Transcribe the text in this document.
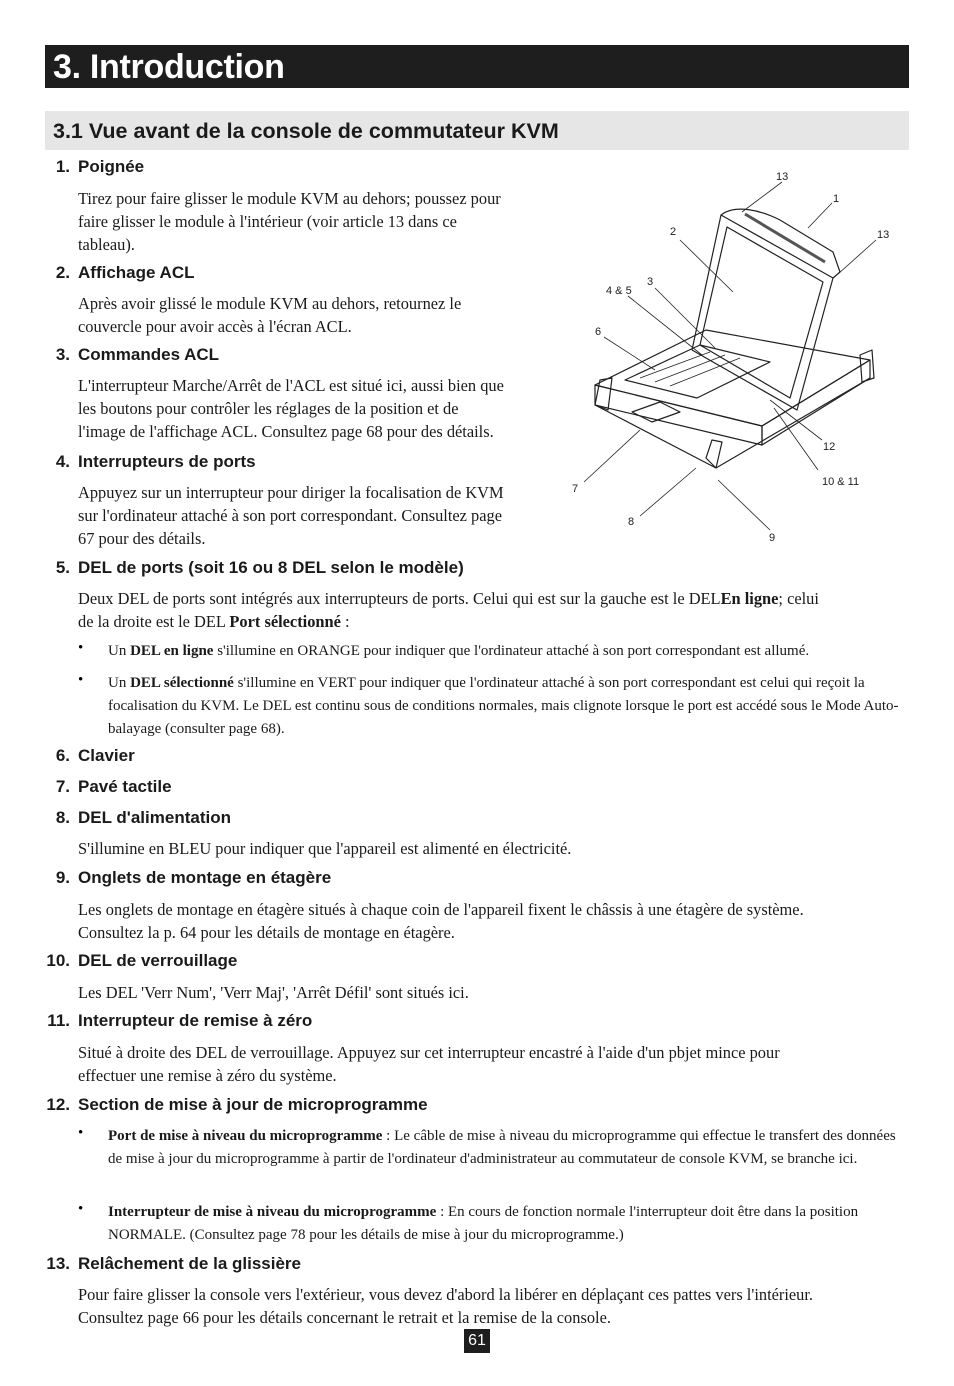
3. Introduction
3.1 Vue avant de la console de commutateur KVM
1. Poignée
Tirez pour faire glisser le module KVM au dehors; poussez pour
faire glisser le module à l'intérieur (voir article 13 dans ce
tableau).
2. Affichage ACL
Après avoir glissé le module KVM au dehors, retournez le
couvercle pour avoir accès à l'écran ACL.
3. Commandes ACL
L'interrupteur Marche/Arrêt de l'ACL est situé ici, aussi bien que
les boutons pour contrôler les réglages de la position et de
l'image de l'affichage ACL. Consultez page 68 pour des détails.
4. Interrupteurs de ports
Appuyez sur un interrupteur pour diriger la focalisation de KVM
sur l'ordinateur attaché à son port correspondant. Consultez page
67 pour des détails.
5. DEL de ports (soit 16 ou 8 DEL selon le modèle)
Deux DEL de ports sont intégrés aux interrupteurs de ports. Celui qui est sur la gauche est le DELEn ligne; celui
de la droite est le DEL Port sélectionné :
• Un DEL en ligne s'illumine en ORANGE pour indiquer que l'ordinateur attaché à son port correspondant est allumé.
• Un DEL sélectionné s'illumine en VERT pour indiquer que l'ordinateur attaché à son port correspondant est celui qui reçoit la focalisation du KVM. Le DEL est continu sous de conditions normales, mais clignote lorsque le port est accédé sous le Mode Auto-balayage (consulter page 68).
6. Clavier
7. Pavé tactile
8. DEL d'alimentation
S'illumine en BLEU pour indiquer que l'appareil est alimenté en électricité.
9. Onglets de montage en étagère
Les onglets de montage en étagère situés à chaque coin de l'appareil fixent le châssis à une étagère de système.
Consultez la p. 64 pour les détails de montage en étagère.
10. DEL de verrouillage
Les DEL 'Verr Num', 'Verr Maj', 'Arrêt Défil' sont situés ici.
11. Interrupteur de remise à zéro
Situé à droite des DEL de verrouillage. Appuyez sur cet interrupteur encastré à l'aide d'un pbjet mince pour
effectuer une remise à zéro du système.
12. Section de mise à jour de microprogramme
• Port de mise à niveau du microprogramme : Le câble de mise à niveau du microprogramme qui effectue le transfert des données de mise à jour du microprogramme à partir de l'ordinateur d'administrateur au commutateur de console KVM, se branche ici.
• Interrupteur de mise à niveau du microprogramme : En cours de fonction normale l'interrupteur doit être dans la position NORMALE. (Consultez page 78 pour les détails de mise à jour du microprogramme.)
13. Relâchement de la glissière
Pour faire glisser la console vers l'extérieur, vous devez d'abord la libérer en déplaçant ces pattes vers l'intérieur.
Consultez page 66 pour les détails concernant le retrait et la remise de la console.
13
1
13
2
3
4 & 5
6
12
10 & 11
7
8
9
61
